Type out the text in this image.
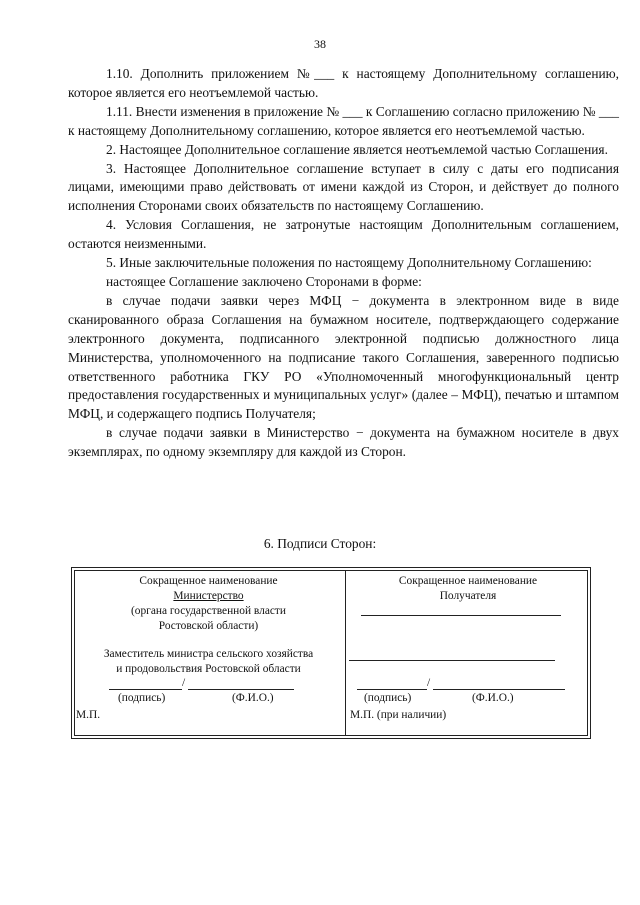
38

1.10. Дополнить приложением №___ к настоящему Дополнительному соглашению, которое является его неотъемлемой частью.

1.11. Внести изменения в приложение № ___ к Соглашению согласно приложению № ___ к настоящему Дополнительному соглашению, которое является его неотъемлемой частью.

2. Настоящее Дополнительное соглашение является неотъемлемой частью Соглашения.

3. Настоящее Дополнительное соглашение вступает в силу с даты его подписания лицами, имеющими право действовать от имени каждой из Сторон, и действует до полного исполнения Сторонами своих обязательств по настоящему Соглашению.

4. Условия Соглашения, не затронутые настоящим Дополнительным соглашением, остаются неизменными.

5. Иные заключительные положения по настоящему Дополнительному Соглашению:

настоящее Соглашение заключено Сторонами в форме:

в случае подачи заявки через МФЦ − документа в электронном виде в виде сканированного образа Соглашения на бумажном носителе, подтверждающего содержание электронного документа, подписанного электронной подписью должностного лица Министерства, уполномоченного на подписание такого Соглашения, заверенного подписью ответственного работника ГКУ РО «Уполномоченный многофункциональный центр предоставления государственных и муниципальных услуг» (далее – МФЦ), печатью и штампом МФЦ, и содержащего подпись Получателя;

в случае подачи заявки в Министерство − документа на бумажном носителе в двух экземплярах, по одному экземпляру для каждой из Сторон.

6. Подписи Сторон:
Сокращенное наименование
Министерство
(органа государственной власти
Ростовской области)
Заместитель министра сельского хозяйства
и продовольствия Ростовской области
/
(подпись)	(Ф.И.О.)
М.П.
Сокращенное наименование
Получателя
/
(подпись)	(Ф.И.О.)
М.П. (при наличии)
